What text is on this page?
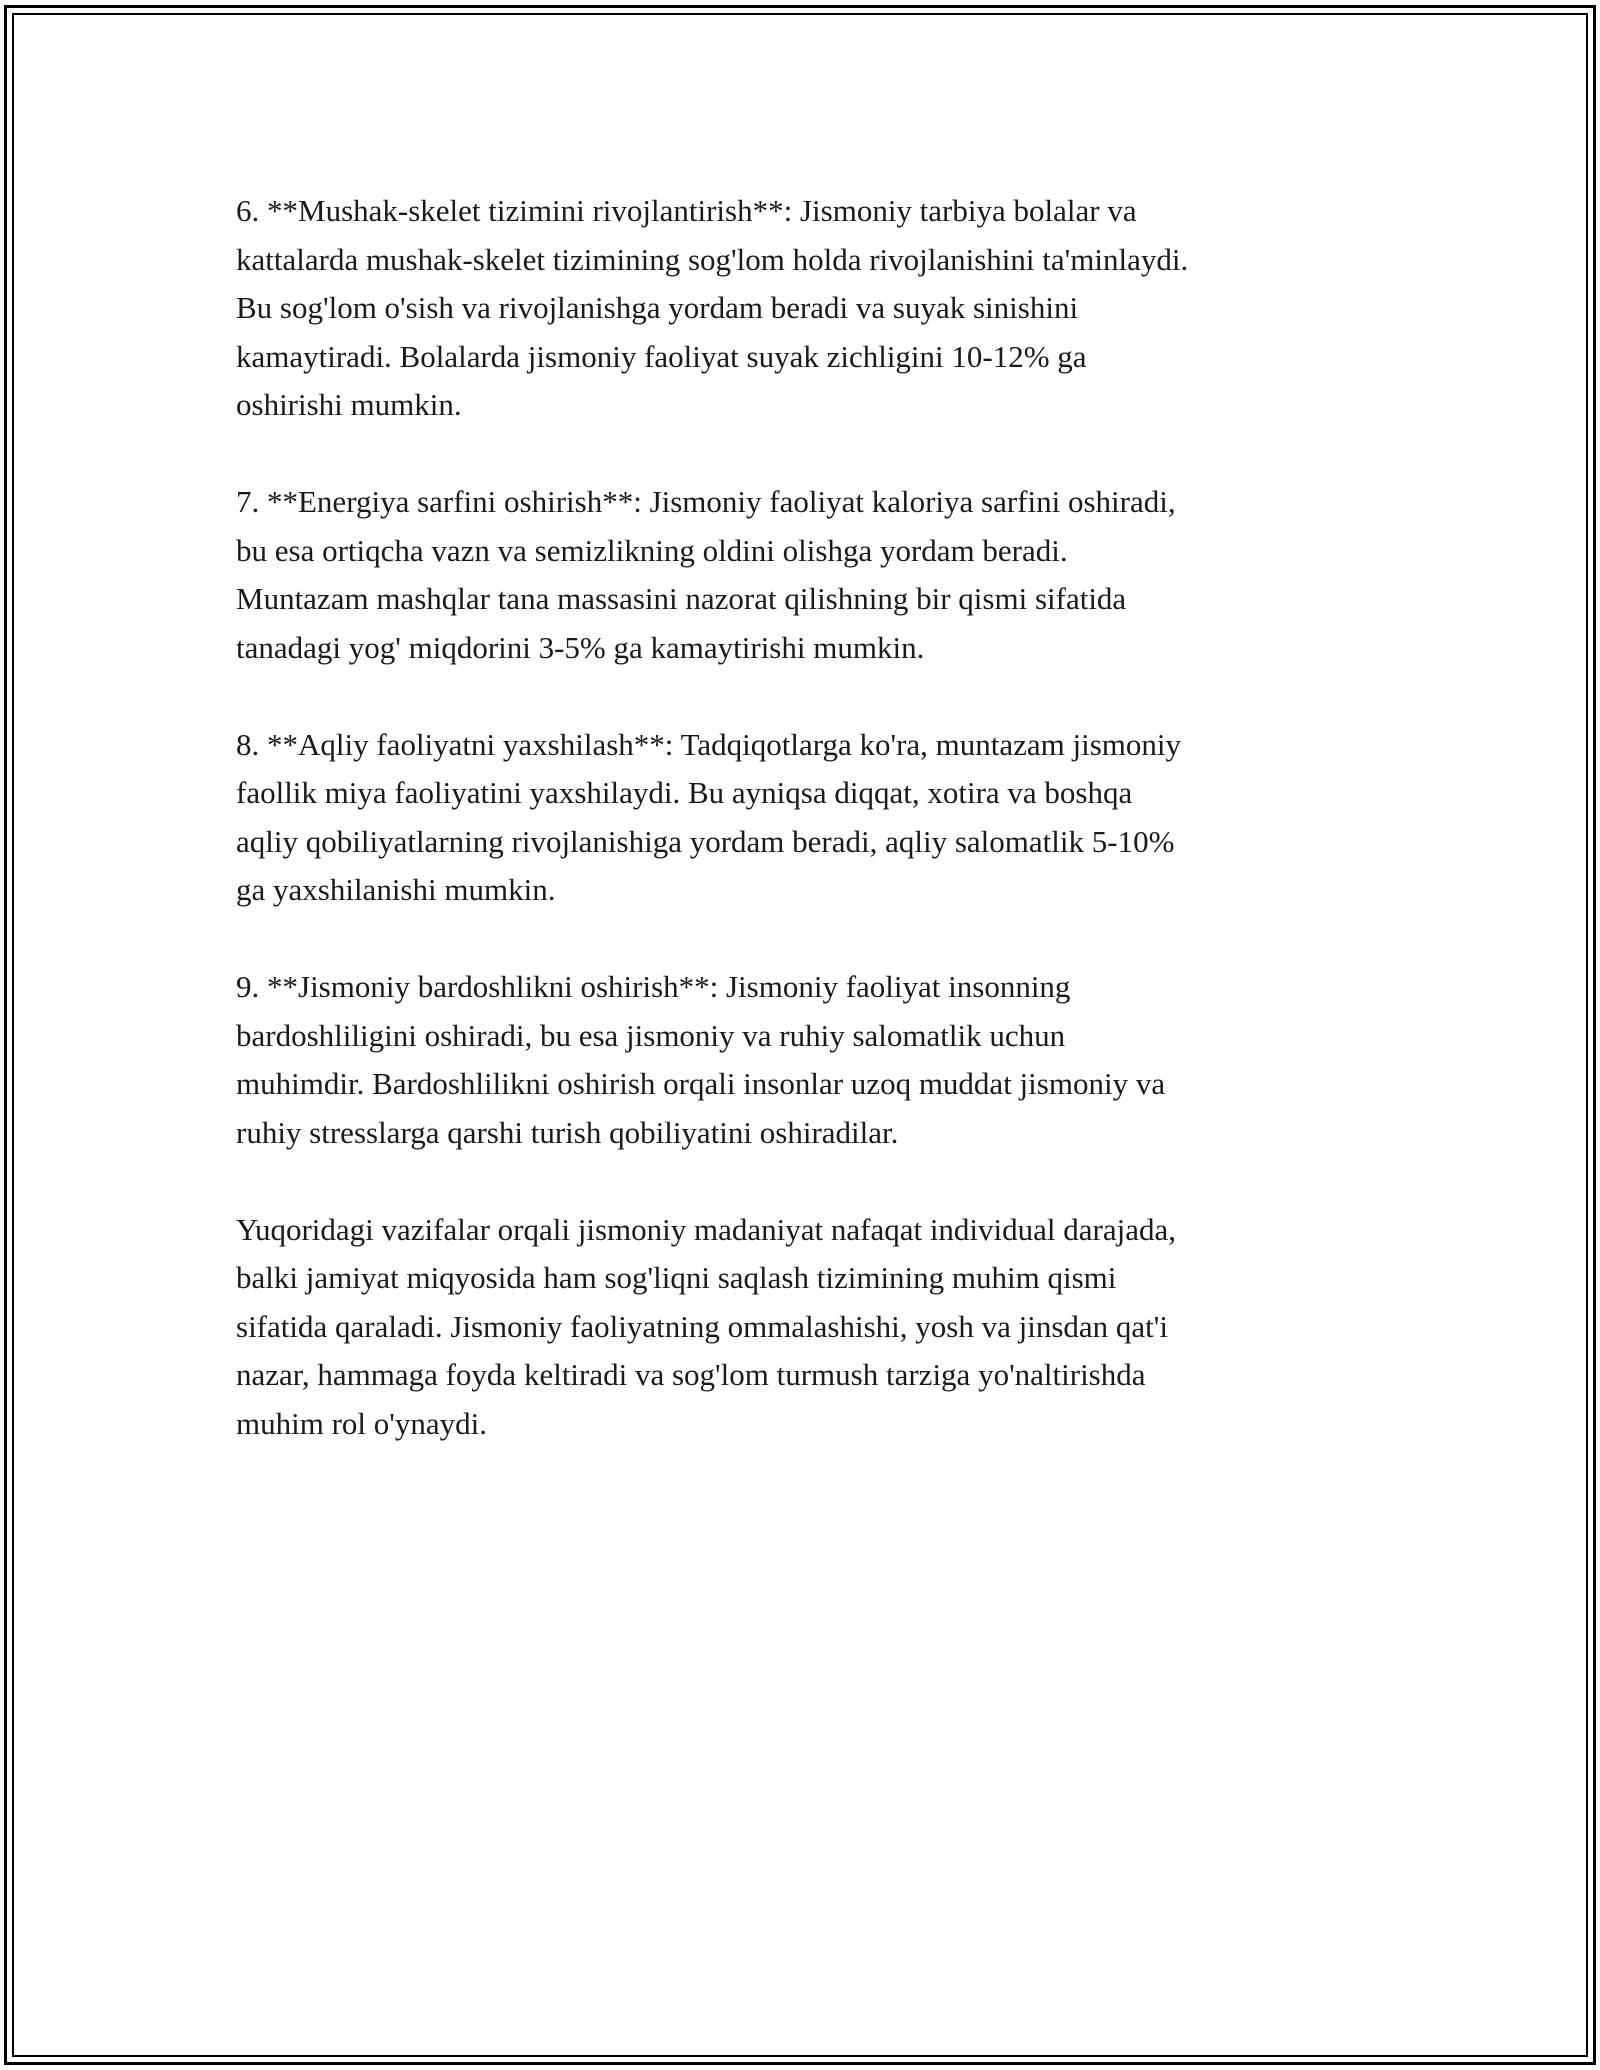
6. **Mushak-skelet tizimini rivojlantirish**: Jismoniy tarbiya bolalar va
kattalarda mushak-skelet tizimining sog'lom holda rivojlanishini ta'minlaydi.
Bu sog'lom o'sish va rivojlanishga yordam beradi va suyak sinishini
kamaytiradi. Bolalarda jismoniy faoliyat suyak zichligini 10-12% ga
oshirishi mumkin.
7. **Energiya sarfini oshirish**: Jismoniy faoliyat kaloriya sarfini oshiradi,
bu esa ortiqcha vazn va semizlikning oldini olishga yordam beradi.
Muntazam mashqlar tana massasini nazorat qilishning bir qismi sifatida
tanadagi yog' miqdorini 3-5% ga kamaytirishi mumkin.
8. **Aqliy faoliyatni yaxshilash**: Tadqiqotlarga ko'ra, muntazam jismoniy
faollik miya faoliyatini yaxshilaydi. Bu ayniqsa diqqat, xotira va boshqa
aqliy qobiliyatlarning rivojlanishiga yordam beradi, aqliy salomatlik 5-10%
ga yaxshilanishi mumkin.
9. **Jismoniy bardoshlikni oshirish**: Jismoniy faoliyat insonning
bardoshliligini oshiradi, bu esa jismoniy va ruhiy salomatlik uchun
muhimdir. Bardoshlilikni oshirish orqali insonlar uzoq muddat jismoniy va
ruhiy stresslarga qarshi turish qobiliyatini oshiradilar.
Yuqoridagi vazifalar orqali jismoniy madaniyat nafaqat individual darajada,
balki jamiyat miqyosida ham sog'liqni saqlash tizimining muhim qismi
sifatida qaraladi. Jismoniy faoliyatning ommalashishi, yosh va jinsdan qat'i
nazar, hammaga foyda keltiradi va sog'lom turmush tarziga yo'naltirishda
muhim rol o'ynaydi.
